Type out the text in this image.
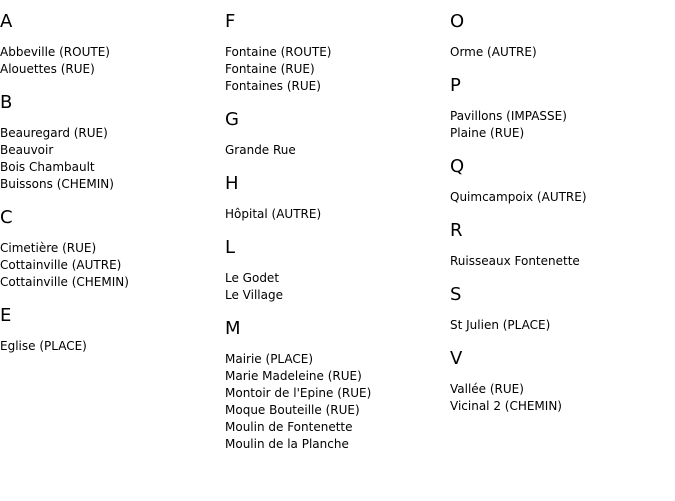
A
Abbeville (ROUTE)
Alouettes (RUE)
B
Beauregard (RUE)
Beauvoir
Bois Chambault
Buissons (CHEMIN)
C
Cimetière (RUE)
Cottainville (AUTRE)
Cottainville (CHEMIN)
E
Eglise (PLACE)
F
Fontaine (ROUTE)
Fontaine (RUE)
Fontaines (RUE)
G
Grande Rue
H
Hôpital (AUTRE)
L
Le Godet
Le Village
M
Mairie (PLACE)
Marie Madeleine (RUE)
Montoir de l'Epine (RUE)
Moque Bouteille (RUE)
Moulin de Fontenette
Moulin de la Planche
O
Orme (AUTRE)
P
Pavillons (IMPASSE)
Plaine (RUE)
Q
Quimcampoix (AUTRE)
R
Ruisseaux Fontenette
S
St Julien (PLACE)
V
Vallée (RUE)
Vicinal 2 (CHEMIN)
